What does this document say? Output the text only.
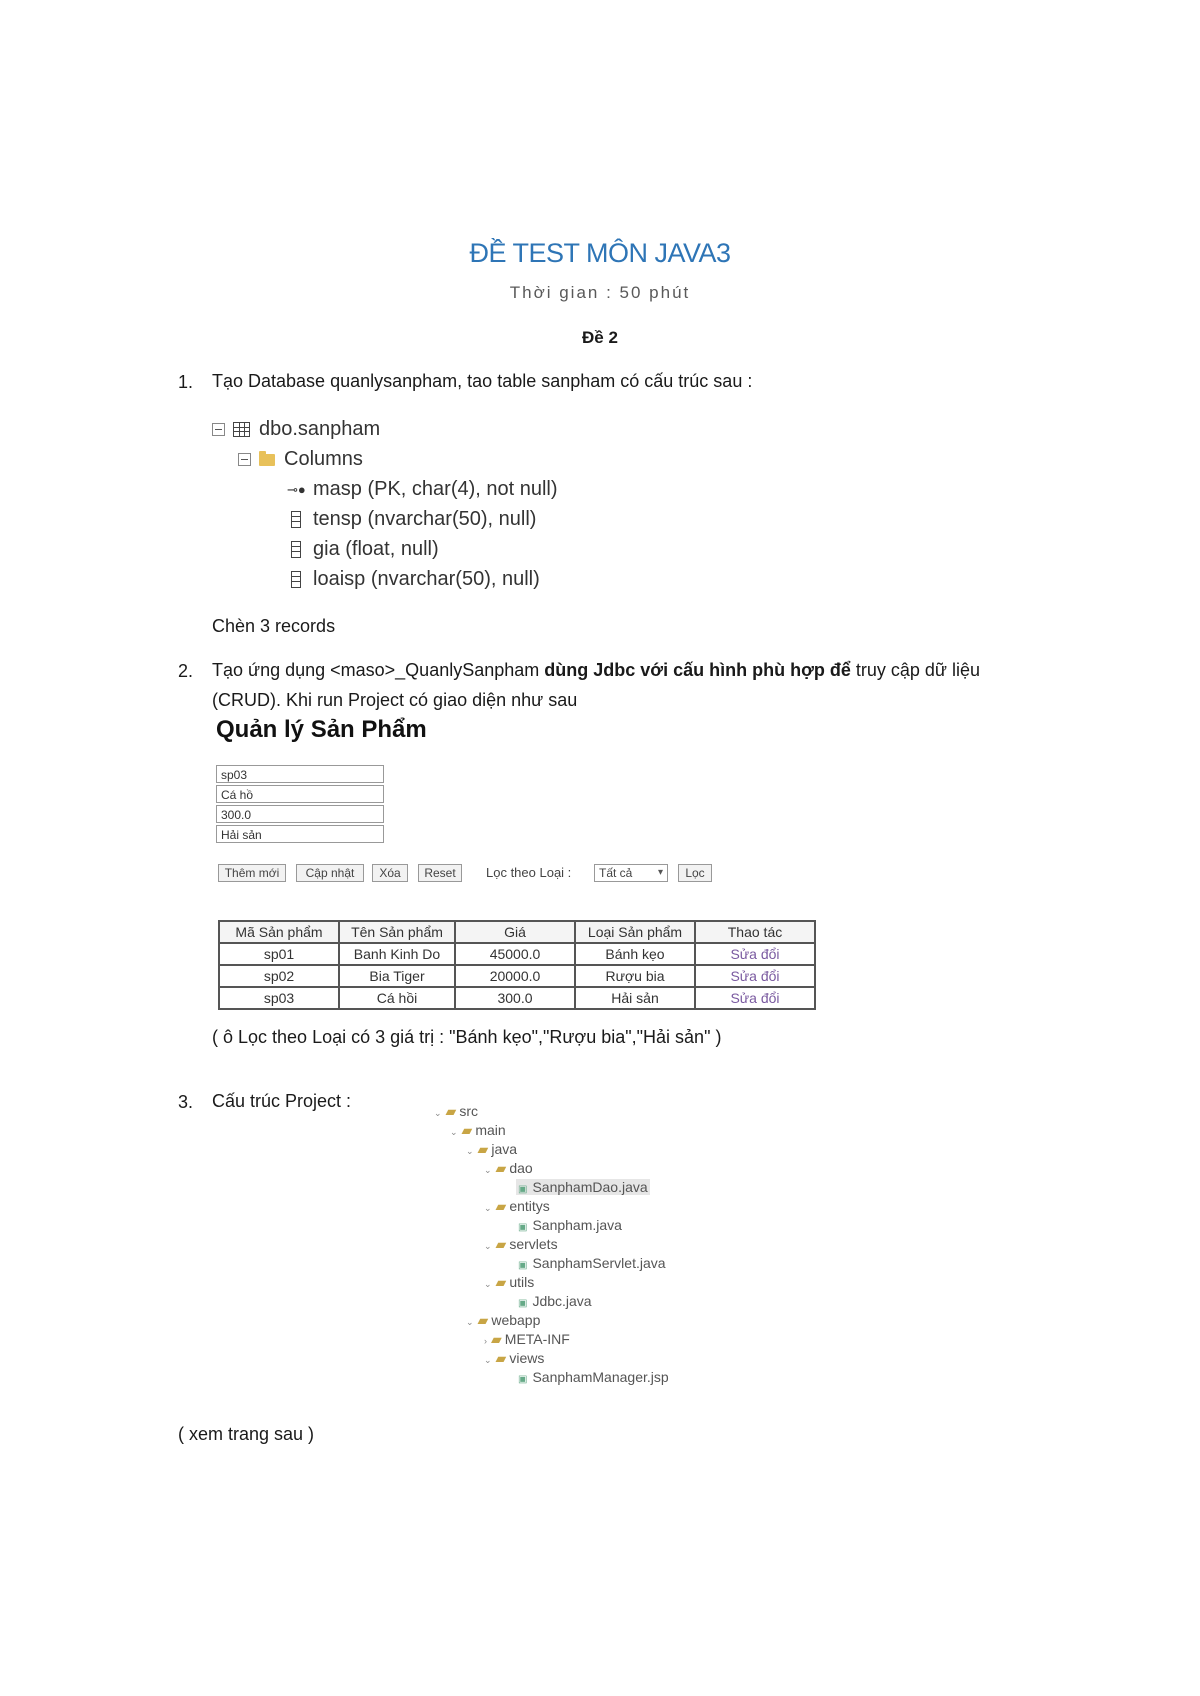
ĐỀ TEST MÔN JAVA3
Thời gian : 50 phút
Đề 2
1. Tạo Database quanlysanpham, tao table sanpham có cấu trúc sau :
dbo.sanpham
Columns
⊸● masp (PK, char(4), not null)
tensp (nvarchar(50), null)
gia (float, null)
loaisp (nvarchar(50), null)
Chèn 3 records
2. Tạo ứng dụng <maso>_QuanlySanpham dùng Jdbc với cấu hình phù hợp để truy cập dữ liệu
(CRUD). Khi run Project có giao diện như sau
Quản lý Sản Phẩm
sp03
Cá hồ
300.0
Hải sản
Thêm mới	Cập nhật	Xóa	Reset	Lọc theo Loại :	Tất cả	▾	Lọc
Mã Sản phẩm	Tên Sản phẩm	Giá	Loại Sản phẩm	Thao tác
sp01	Banh Kinh Do	45000.0	Bánh kẹo	Sửa đổi
sp02	Bia Tiger	20000.0	Rượu bia	Sửa đổi
sp03	Cá hồi	300.0	Hải sản	Sửa đổi
( ô Lọc theo Loại có 3 giá trị : "Bánh kẹo","Rượu bia","Hải sản" )
3. Cấu trúc Project :
⌄ ▰ src
⌄ ▰ main
⌄ ▰ java
⌄ ▰ dao
▣ SanphamDao.java
⌄ ▰ entitys
▣ Sanpham.java
⌄ ▰ servlets
▣ SanphamServlet.java
⌄ ▰ utils
▣ Jdbc.java
⌄ ▰ webapp
› ▰ META-INF
⌄ ▰ views
▣ SanphamManager.jsp
( xem trang sau )
